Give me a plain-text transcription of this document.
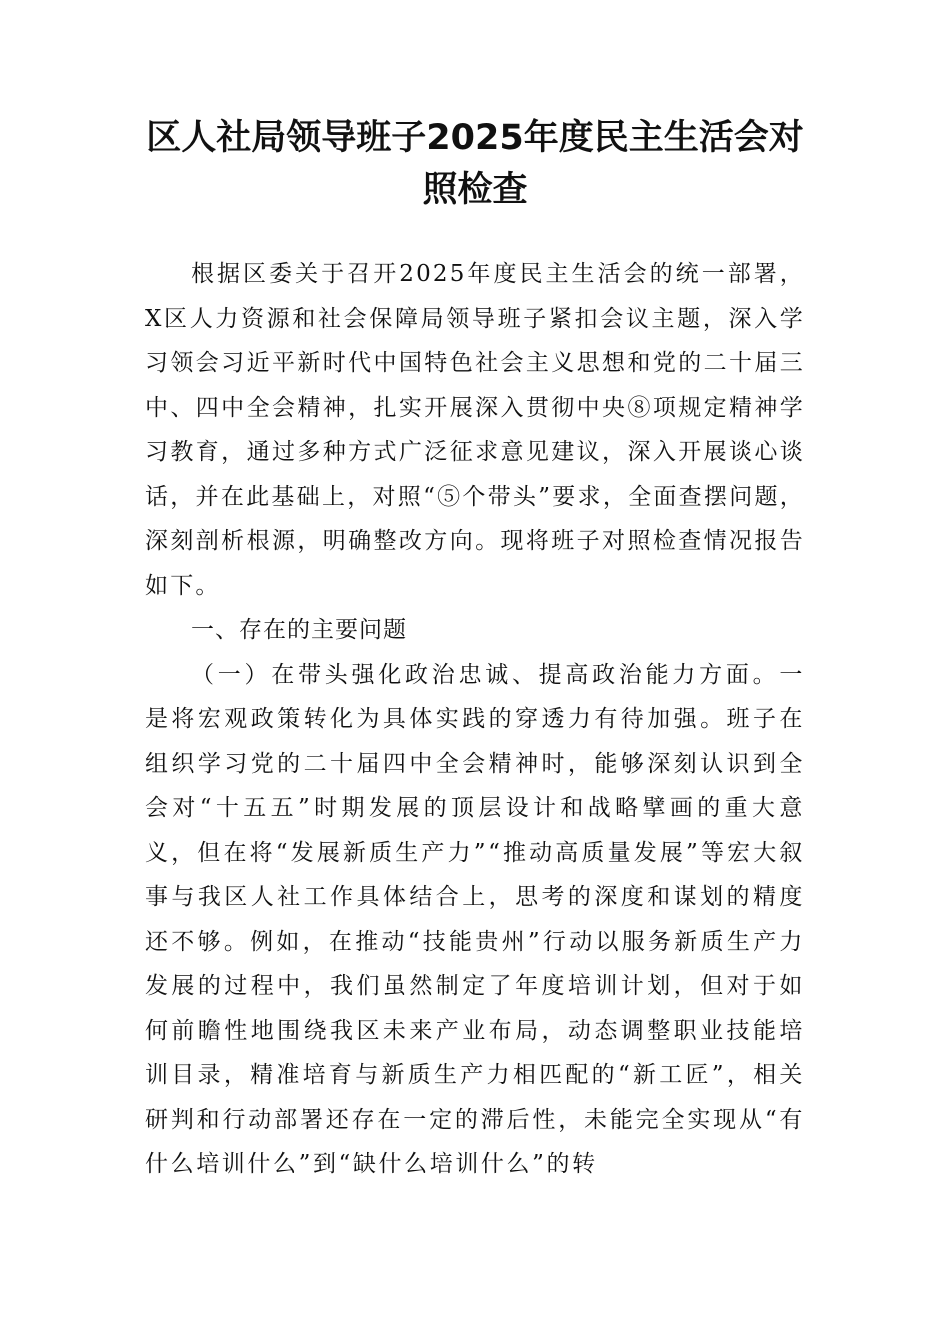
区人社局领导班子2025年度民主生活会对
照检查

根据区委关于召开2025年度民主生活会的统一部署，X区人力资源和社会保障局领导班子紧扣会议主题，深入学习领会习近平新时代中国特色社会主义思想和党的二十届三中、四中全会精神，扎实开展深入贯彻中央⑧项规定精神学习教育，通过多种方式广泛征求意见建议，深入开展谈心谈话，并在此基础上，对照“⑤个带头”要求，全面查摆问题，深刻剖析根源，明确整改方向。现将班子对照检查情况报告如下。

一、存在的主要问题

（一）在带头强化政治忠诚、提高政治能力方面。一是将宏观政策转化为具体实践的穿透力有待加强。班子在组织学习党的二十届四中全会精神时，能够深刻认识到全会对“十五五”时期发展的顶层设计和战略擘画的重大意义，但在将“发展新质生产力”“推动高质量发展”等宏大叙事与我区人社工作具体结合上，思考的深度和谋划的精度还不够。例如，在推动“技能贵州”行动以服务新质生产力发展的过程中，我们虽然制定了年度培训计划，但对于如何前瞻性地围绕我区未来产业布局，动态调整职业技能培训目录，精准培育与新质生产力相匹配的“新工匠”，相关研判和行动部署还存在一定的滞后性，未能完全实现从“有什么培训什么”到“缺什么培训什么”的转
